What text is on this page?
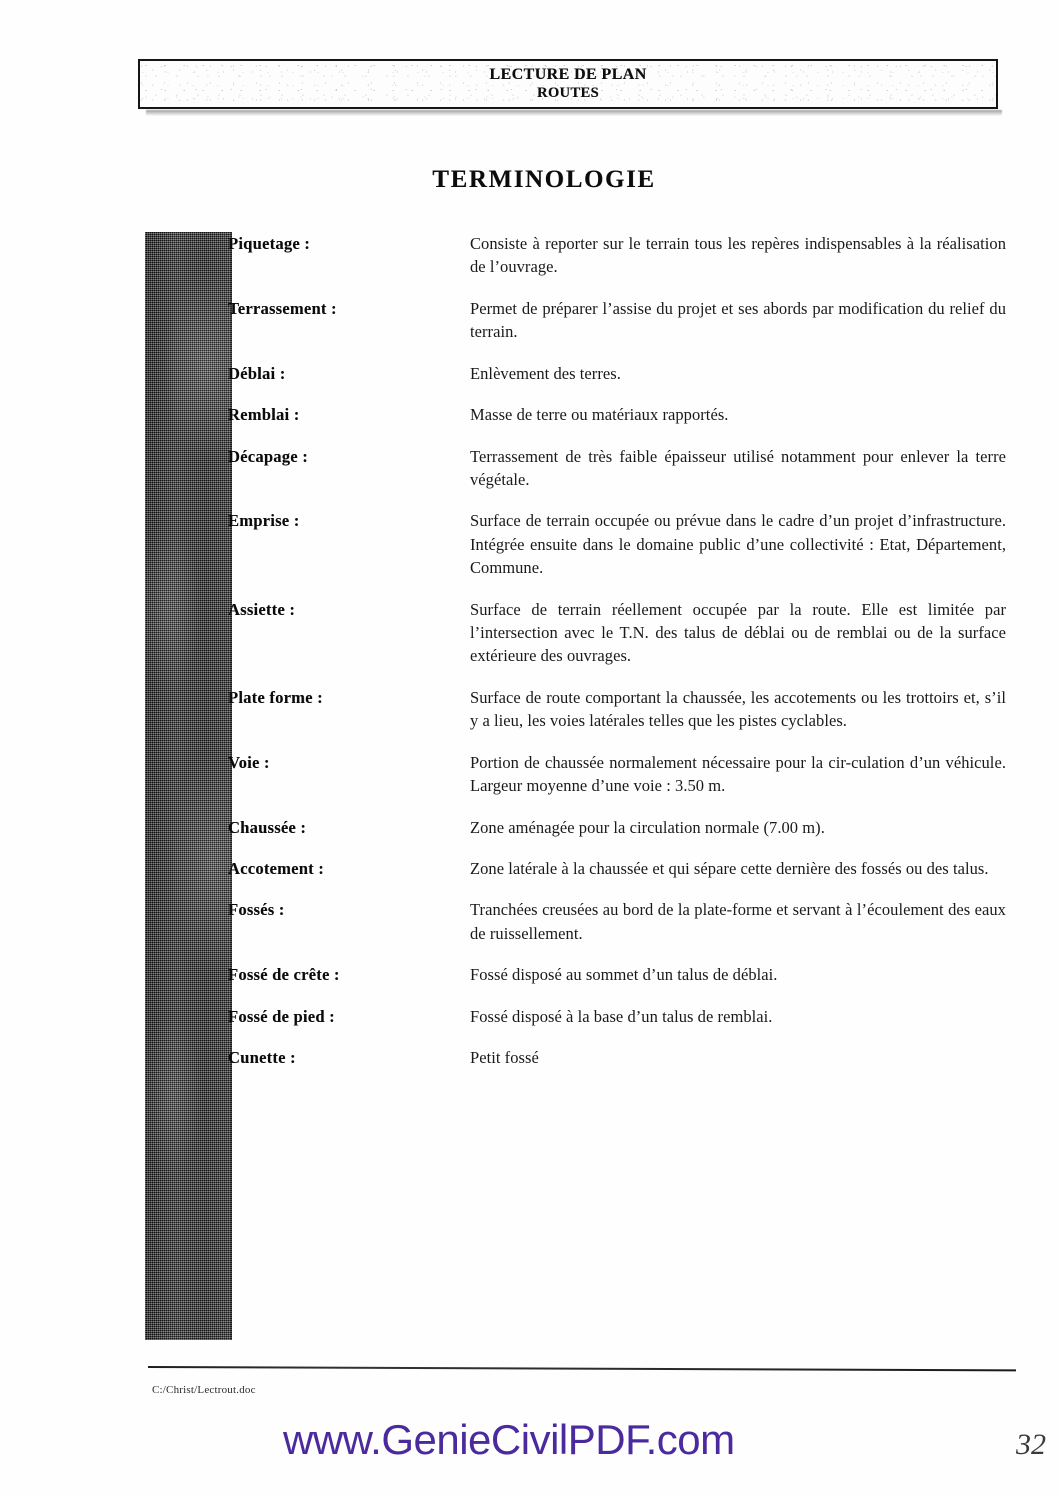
LECTURE DE PLAN
ROUTES
TERMINOLOGIE
Piquetage :	Consiste à reporter sur le terrain tous les repères indispensables à la réalisation de l’ouvrage.
Terrassement :	Permet de préparer l’assise du projet et ses abords par modification du relief du terrain.
Déblai :	Enlèvement des terres.
Remblai :	Masse de terre ou matériaux rapportés.
Décapage :	Terrassement de très faible épaisseur utilisé notamment pour enlever la terre végétale.
Emprise :	Surface de terrain occupée ou prévue dans le cadre d’un projet d’infrastructure. Intégrée ensuite dans le domaine public d’une collectivité : Etat, Département, Commune.
Assiette :	Surface de terrain réellement occupée par la route. Elle est limitée par l’intersection avec le T.N. des talus de déblai ou de remblai ou de la surface extérieure des ouvrages.
Plate forme :	Surface de route comportant la chaussée, les accotements ou les trottoirs et, s’il y a lieu, les voies latérales telles que les pistes cyclables.
Voie :	Portion de chaussée normalement nécessaire pour la cir-culation d’un véhicule. Largeur moyenne d’une voie : 3.50 m.
Chaussée :	Zone aménagée pour la circulation normale (7.00 m).
Accotement :	Zone latérale à la chaussée et qui sépare cette dernière des fossés ou des talus.
Fossés :	Tranchées creusées au bord de la plate-forme et servant à l’écoulement des eaux de ruissellement.
Fossé de crête :	Fossé disposé au sommet d’un talus de déblai.
Fossé de pied :	Fossé disposé à la base d’un talus de remblai.
Cunette :	Petit fossé
C:/Christ/Lectrout.doc
www.GenieCivilPDF.com	32
